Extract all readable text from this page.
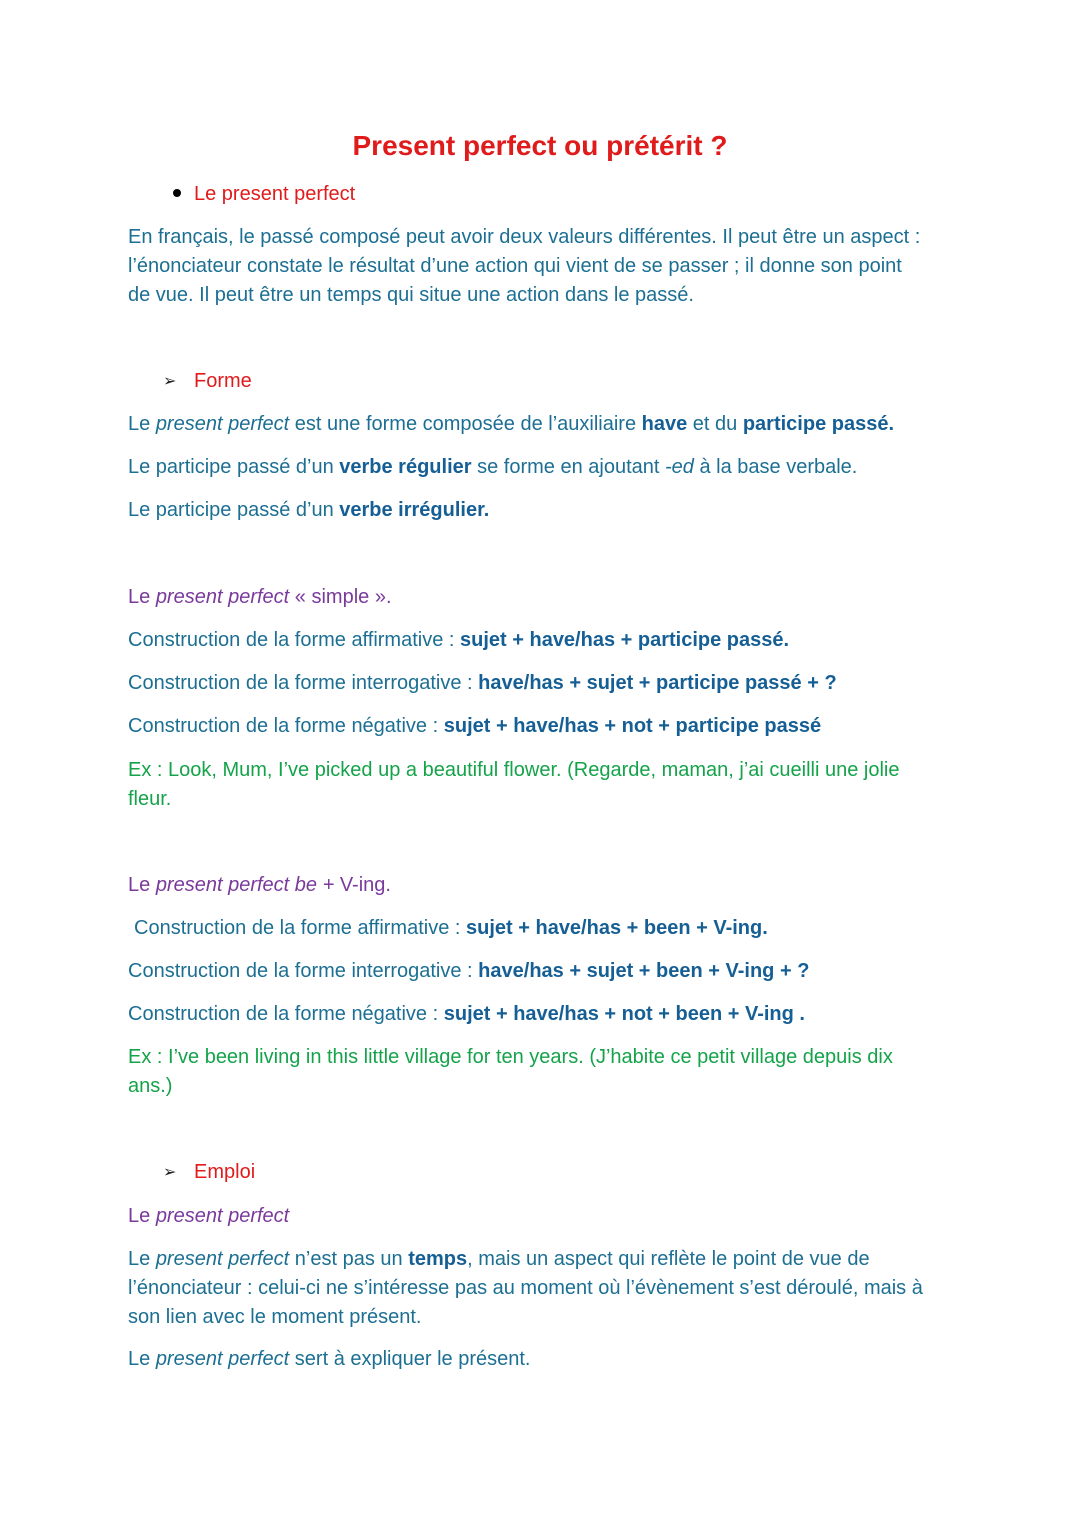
Present perfect ou prétérit ?

Le present perfect

En français, le passé composé peut avoir deux valeurs différentes. Il peut être un aspect : l’énonciateur constate le résultat d’une action qui vient de se passer ; il donne son point de vue. Il peut être un temps qui situe une action dans le passé.

➢ Forme

Le present perfect est une forme composée de l’auxiliaire have et du participe passé.

Le participe passé d’un verbe régulier se forme en ajoutant -ed à la base verbale.

Le participe passé d’un verbe irrégulier.

Le present perfect « simple ».

Construction de la forme affirmative : sujet + have/has + participe passé.

Construction de la forme interrogative : have/has + sujet + participe passé + ?

Construction de la forme négative : sujet + have/has + not + participe passé

Ex : Look, Mum, I’ve picked up a beautiful flower. (Regarde, maman, j’ai cueilli une jolie fleur.

Le present perfect be + V-ing.

Construction de la forme affirmative : sujet + have/has + been + V-ing.

Construction de la forme interrogative : have/has + sujet + been + V-ing + ?

Construction de la forme négative : sujet + have/has + not + been + V-ing .

Ex : I’ve been living in this little village for ten years. (J’habite ce petit village depuis dix ans.)

➢ Emploi

Le present perfect

Le present perfect n’est pas un temps, mais un aspect qui reflète le point de vue de l’énonciateur : celui-ci ne s’intéresse pas au moment où l’évènement s’est déroulé, mais à son lien avec le moment présent.

Le present perfect sert à expliquer le présent.
